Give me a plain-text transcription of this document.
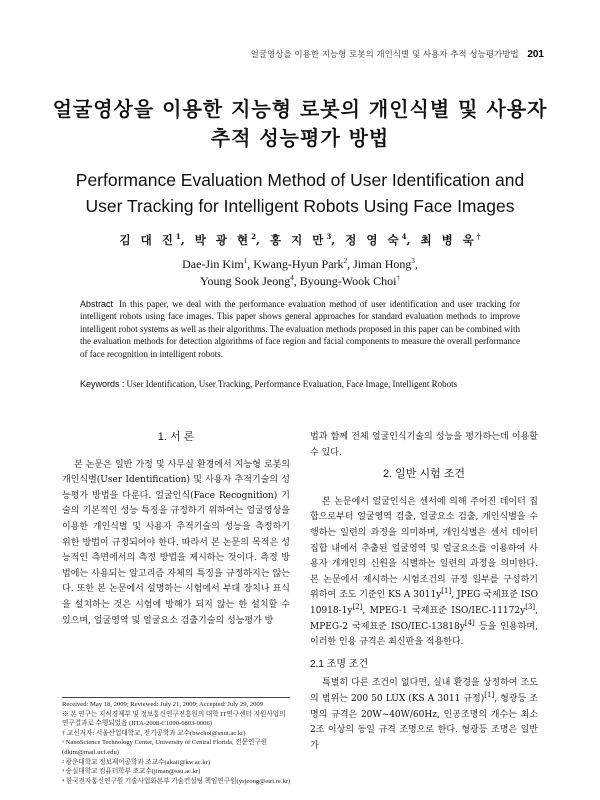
얼굴영상을 이용한 지능형 로봇의 개인식별 및 사용자 추적 성능평가방법 201
얼굴영상을 이용한 지능형 로봇의 개인식별 및 사용자
추적 성능평가 방법
Performance Evaluation Method of User Identification and
User Tracking for Intelligent Robots Using Face Images
김 대 진$^1$, 박 광 현$^2$, 홍 지 만$^3$, 정 영 숙$^4$, 최 병 욱†
Dae-Jin Kim$^1$, Kwang-Hyun Park$^2$, Jiman Hong$^3$,
Young Sook Jeong$^4$, Byoung-Wook Choi†
Abstract In this paper, we deal with the performance evaluation method of user identification and user tracking for intelligent robots using face images. This paper shows general approaches for standard evaluation methods to improve intelligent robot systems as well as their algorithms. The evaluation methods proposed in this paper can be combined with the evaluation methods for detection algorithms of face region and facial components to measure the overall performance of face recognition in intelligent robots.
Keywords : User Identification, User Tracking, Performance Evaluation, Face Image, Intelligent Robots
1. 서 론

본 논문은 일반 가정 및 사무실 환경에서 지능형 로봇의 개인식별(User Identification) 및 사용자 추적기술의 성능평가 방법을 다룬다. 얼굴인식(Face Recognition) 기술의 기본적인 성능 특징을 규정하기 위하여는 얼굴영상을 이용한 개인식별 및 사용자 추적기술의 성능을 측정하기 위한 방법이 규정되어야 한다. 따라서 본 논문의 목적은 성능적인 측면에서의 측정 방법을 제시하는 것이다. 측정 방법에는 사용되는 알고리즘 자체의 특징을 규정하지는 않는다. 또한 본 논문에서 설명하는 시험에서 부대 장치나 표식을 설치하는 것은 시험에 방해가 되지 않는 한 설치할 수 있으며, 얼굴영역 및 얼굴요소 검출기술의 성능평가 방

Received: May 18, 2009; Reviewed: July 21, 2009; Accepted: July 29, 2009
※ 본 연구는 지식경제부 및 정보통신연구진흥원의 대학 IT연구센터 지원사업의 연구결과로 수행되었음 (IITA-2008-C1090-0803-0006)
† 교신저자: 서울산업대학교, 전기공학과 교수(bwchoi@snut.ac.kr)
¹ NanoScience Technology Center, University of Central Florida, 전문연구원(dkim@mail.ucf.edu)
² 광운대학교 정보제어공학과 조교수(akaii@kw.ac.kr)
³ 숭실대학교 컴퓨터학부 조교수(jiman@ssu.ac.kr)
⁴ 한국전자통신연구원 기술사업화본부 기술컨설팅 책임연구원(ysjeong@etri.re.kr)

법과 함께 전체 얼굴인식기술의 성능을 평가하는데 이용할 수 있다.

2. 일반 시험 조건

본 논문에서 얼굴인식은 센서에 의해 주어진 데이터 집합으로부터 얼굴영역 검출, 얼굴요소 검출, 개인식별을 수행하는 일련의 과정을 의미하며, 개인식별은 센서 데이터 집합 내에서 추출된 얼굴영역 및 얼굴요소를 이용하여 사용자 개개인의 신원을 식별하는 일련의 과정을 의미한다. 본 논문에서 제시하는 시험조건의 규정 일부를 구성하기 위하여 조도 기준인 KS A 3011y[1], JPEG 국제표준 ISO 10918-1y[2], MPEG-1 국제표준 ISO/IEC-11172y[3], MPEG-2 국제표준 ISO/IEC-13818y[4] 등을 인용하며, 이러한 인용 규격은 최신판을 적용한다.

2.1 조명 조건

특별히 다른 조건이 없다면, 실내 환경을 상정하여 조도의 범위는 200 50 LUX (KS A 3011 규정)[1], 형광등 조명의 규격은 20W~40W/60Hz, 인공조명의 개수는 최소 2조 이상의 동일 규격 조명으로 한다. 형광등 조명은 일반 가
